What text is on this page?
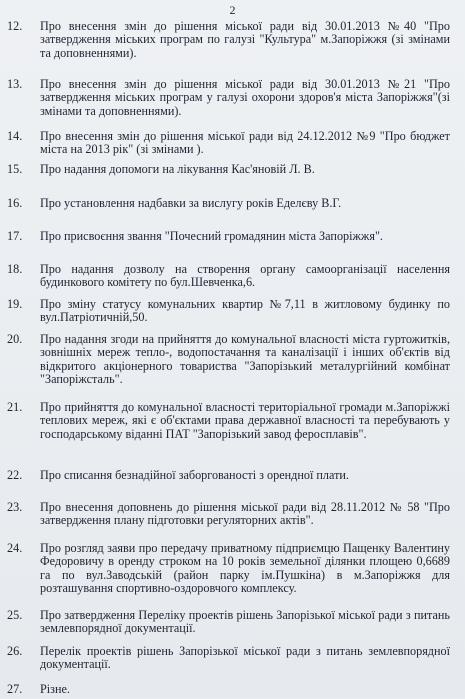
2
12.	Про внесення змін до рішення міської ради від 30.01.2013 №40 "Про затвердження міських програм по галузі "Культура" м.Запоріжжя (зі змінами та доповненнями).
13.	Про внесення змін до рішення міської ради від 30.01.2013 №21 "Про затвердження міських програм у галузі охорони здоров'я міста Запоріжжя"(зі змінами та доповненнями).
14.	Про внесення змін до рішення міської ради від 24.12.2012 №9 "Про бюджет міста на 2013 рік" (зі змінами ).
15.	Про надання допомоги на лікування Кас'яновій Л. В.
16.	Про установлення надбавки за вислугу років Еделєву В.Г.
17.	Про присвоєння звання "Почесний громадянин міста Запоріжжя".
18.	Про надання дозволу на створення органу самоорганізації населення будинкового комітету по бул.Шевченка,6.
19.	Про зміну статусу комунальних квартир №7,11 в житловому будинку по вул.Патріотичній,50.
20.	Про надання згоди на прийняття до комунальної власності міста гуртожитків, зовнішніх мереж тепло-, водопостачання та каналізації і інших об'єктів від відкритого акціонерного товариства "Запорізький металургійний комбінат "Запоріжсталь".
21.	Про прийняття до комунальної власності територіальної громади м.Запоріжжі теплових мереж, які є об'єктами права державної власності та перебувають у господарському віданні ПАТ "Запорізький завод феросплавів".
22.	Про списання безнадійної заборгованості з орендної плати.
23.	Про внесення доповнень до рішення міської ради від 28.11.2012 № 58 "Про затвердження плану підготовки регуляторних актів".
24.	Про розгляд заяви про передачу приватному підприємцю Пащенку Валентину Федоровичу в оренду строком на 10 років земельної ділянки площею 0,6689 га по вул.Заводській (район парку ім.Пушкіна) в м.Запоріжжя для розташування спортивно-оздоровчого комплексу.
25.	Про затвердження Переліку проектів рішень Запорізької міської ради з питань землевпорядної документації.
26.	Перелік проектів рішень Запорізької міської ради з питань землевпорядної документації.
27.	Різне.
